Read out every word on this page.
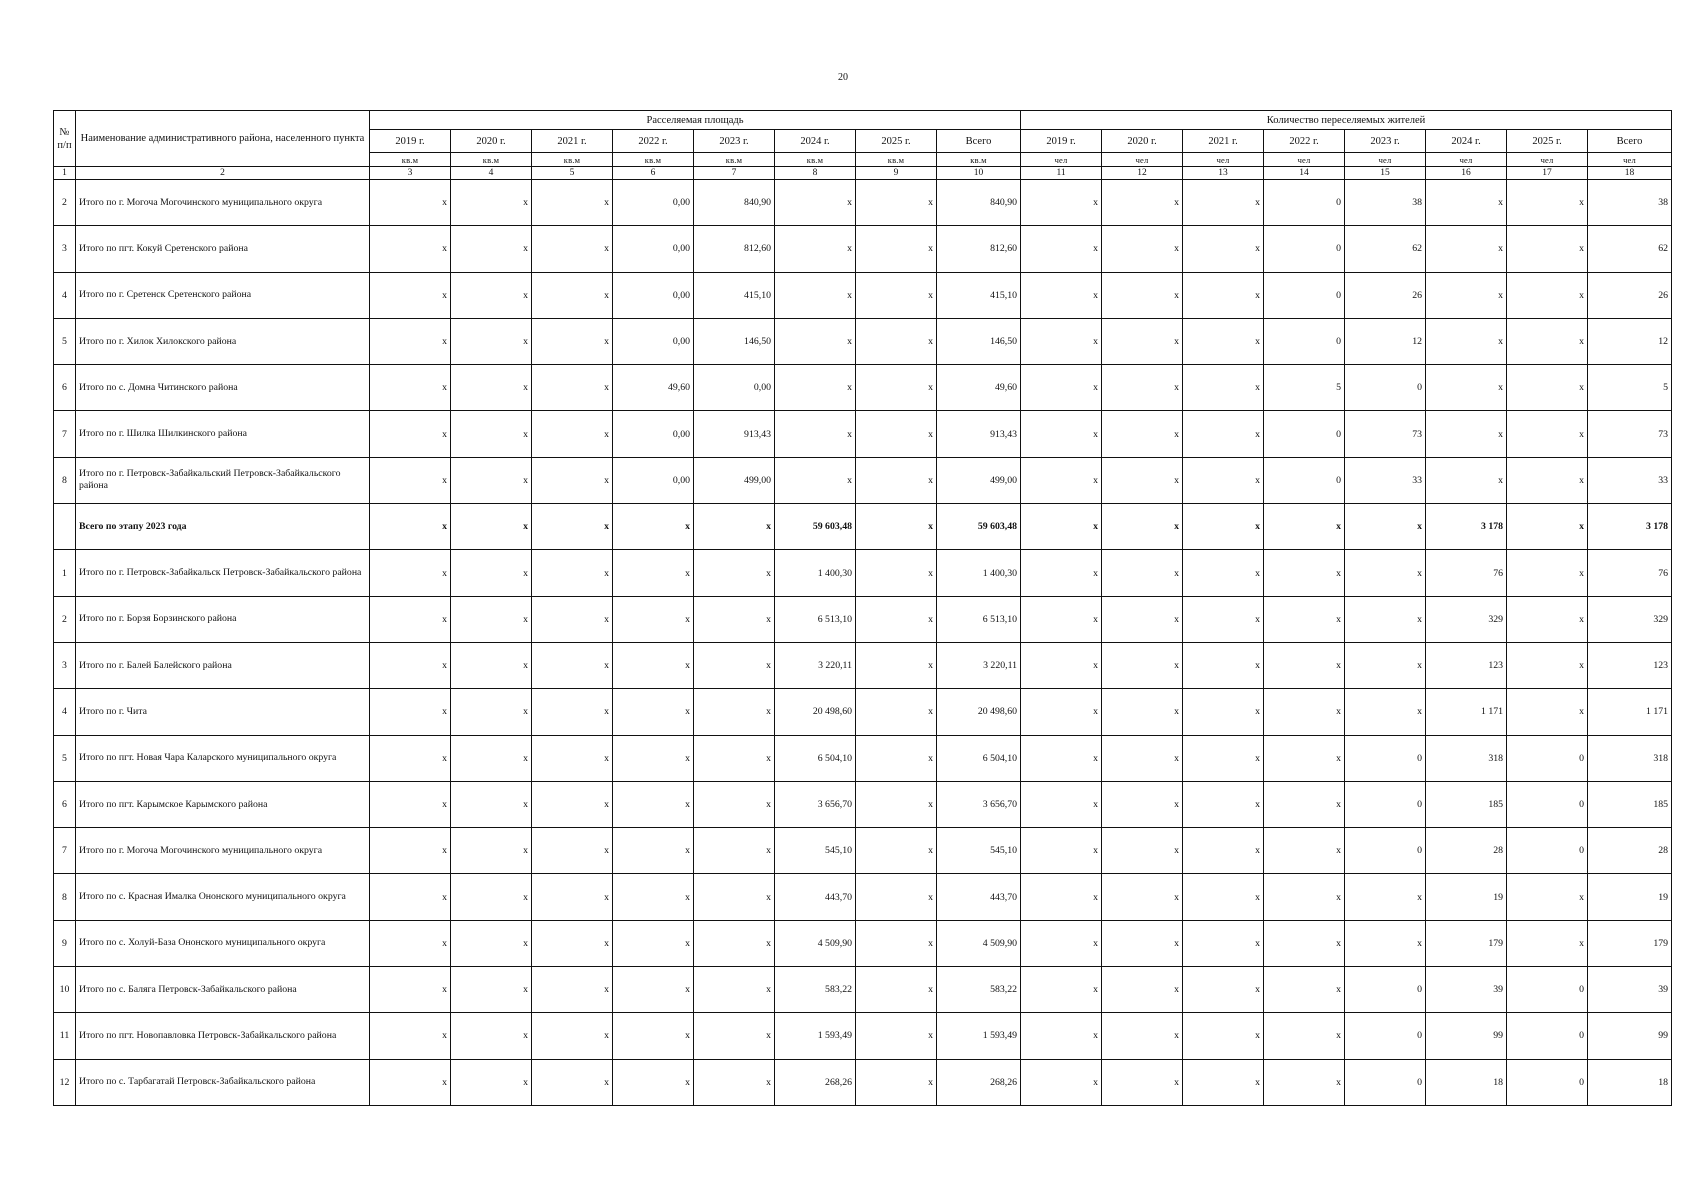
20
№ п/п	Наименование административного района, населенного пункта	Расселяемая площадь								Количество переселяемых жителей							
		2019 г.	2020 г.	2021 г.	2022 г.	2023 г.	2024 г.	2025 г.	Всего	2019 г.	2020 г.	2021 г.	2022 г.	2023 г.	2024 г.	2025 г.	Всего
		кв.м	кв.м	кв.м	кв.м	кв.м	кв.м	кв.м	кв.м	чел	чел	чел	чел	чел	чел	чел	чел
1	2	3	4	5	6	7	8	9	10	11	12	13	14	15	16	17	18
2	Итого по г. Могоча Могочинского муниципального округа	x	x	x	0,00	840,90	x	x	840,90	x	x	x	0	38	x	x	38
3	Итого по пгт. Кокуй Сретенского района	x	x	x	0,00	812,60	x	x	812,60	x	x	x	0	62	x	x	62
4	Итого по г. Сретенск Сретенского района	x	x	x	0,00	415,10	x	x	415,10	x	x	x	0	26	x	x	26
5	Итого по г. Хилок Хилокского района	x	x	x	0,00	146,50	x	x	146,50	x	x	x	0	12	x	x	12
6	Итого по с. Домна Читинского района	x	x	x	49,60	0,00	x	x	49,60	x	x	x	5	0	x	x	5
7	Итого по г. Шилка Шилкинского района	x	x	x	0,00	913,43	x	x	913,43	x	x	x	0	73	x	x	73
8	Итого по г. Петровск-Забайкальский Петровск-Забайкальского района	x	x	x	0,00	499,00	x	x	499,00	x	x	x	0	33	x	x	33
	Всего по этапу 2023 года	x	x	x	x	x	59 603,48	x	59 603,48	x	x	x	x	x	3 178	x	3 178
1	Итого по г. Петровск-Забайкальск Петровск-Забайкальского района	x	x	x	x	x	1 400,30	x	1 400,30	x	x	x	x	x	76	x	76
2	Итого по г. Борзя Борзинского района	x	x	x	x	x	6 513,10	x	6 513,10	x	x	x	x	x	329	x	329
3	Итого по г. Балей Балейского района	x	x	x	x	x	3 220,11	x	3 220,11	x	x	x	x	x	123	x	123
4	Итого по г. Чита	x	x	x	x	x	20 498,60	x	20 498,60	x	x	x	x	x	1 171	x	1 171
5	Итого по пгт. Новая Чара Каларского муниципального округа	x	x	x	x	x	6 504,10	x	6 504,10	x	x	x	x	0	318	0	318
6	Итого по пгт. Карымское Карымского района	x	x	x	x	x	3 656,70	x	3 656,70	x	x	x	x	0	185	0	185
7	Итого по г. Могоча Могочинского муниципального округа	x	x	x	x	x	545,10	x	545,10	x	x	x	x	0	28	0	28
8	Итого по с. Красная Ималка Ононского муниципального округа	x	x	x	x	x	443,70	x	443,70	x	x	x	x	x	19	x	19
9	Итого по с. Холуй-База Ононского муниципального округа	x	x	x	x	x	4 509,90	x	4 509,90	x	x	x	x	x	179	x	179
10	Итого по с. Баляга Петровск-Забайкальского района	x	x	x	x	x	583,22	x	583,22	x	x	x	x	0	39	0	39
11	Итого по пгт. Новопавловка Петровск-Забайкальского района	x	x	x	x	x	1 593,49	x	1 593,49	x	x	x	x	0	99	0	99
12	Итого по с. Тарбагатай Петровск-Забайкальского района	x	x	x	x	x	268,26	x	268,26	x	x	x	x	0	18	0	18
